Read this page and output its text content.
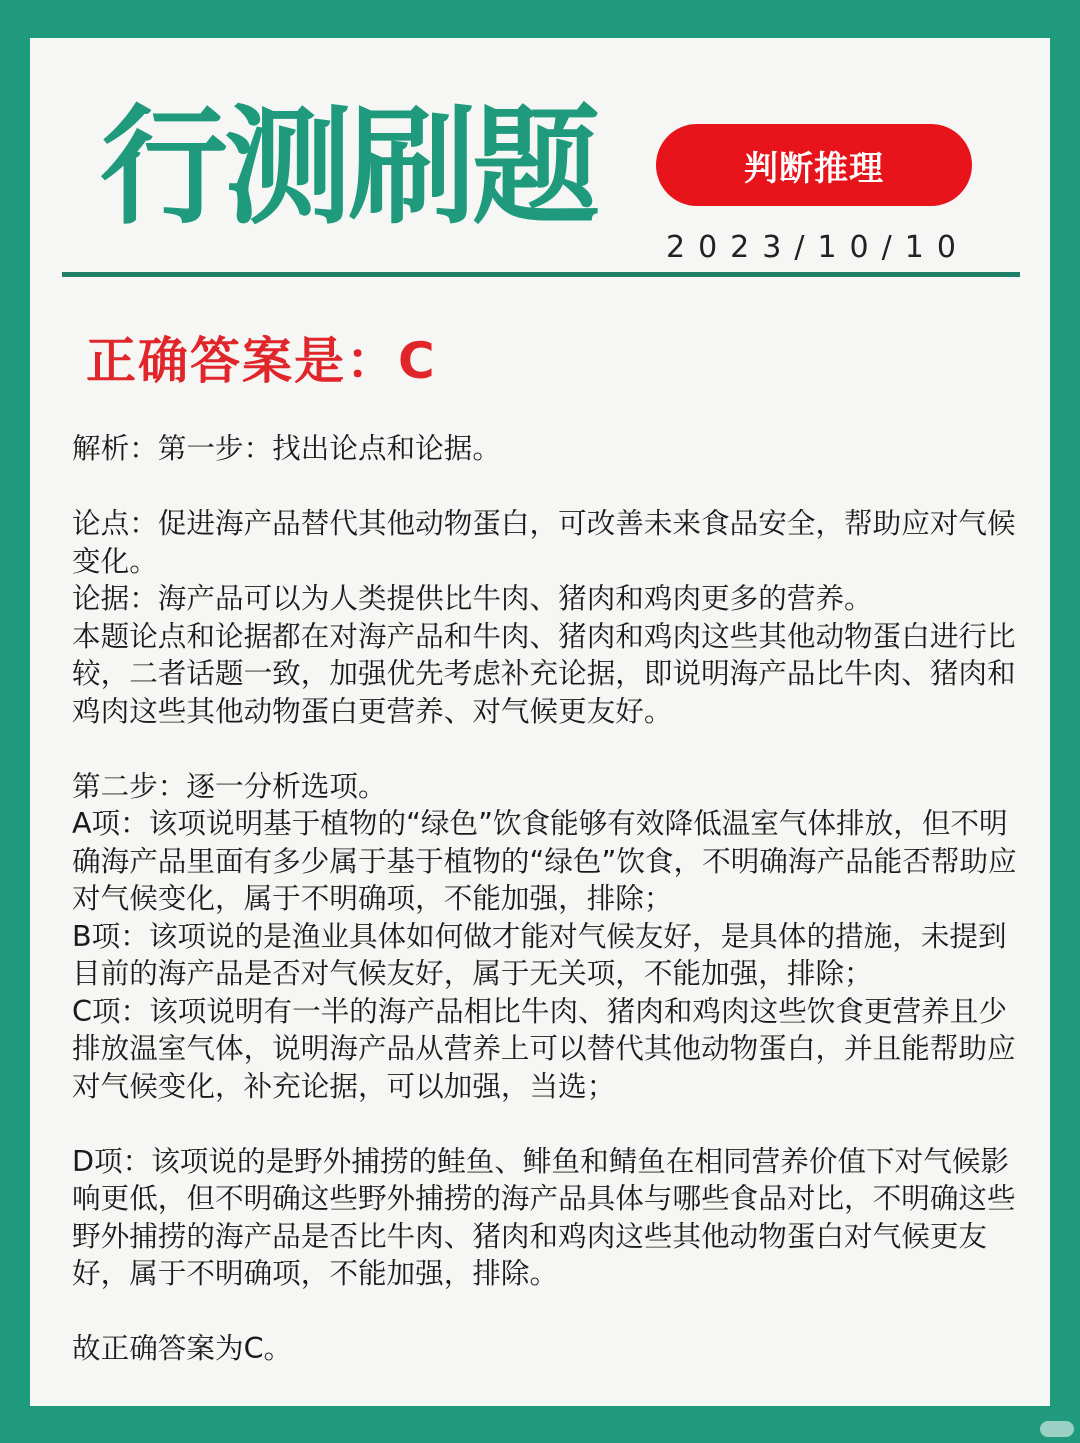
行测刷题	判断推理
2023/10/10
正确答案是：C

解析：第一步：找出论点和论据。

论点：促进海产品替代其他动物蛋白，可改善未来食品安全，帮助应对气候变化。

论据：海产品可以为人类提供比牛肉、猪肉和鸡肉更多的营养。

本题论点和论据都在对海产品和牛肉、猪肉和鸡肉这些其他动物蛋白进行比较，二者话题一致，加强优先考虑补充论据，即说明海产品比牛肉、猪肉和鸡肉这些其他动物蛋白更营养、对气候更友好。

第二步：逐一分析选项。

A项：该项说明基于植物的“绿色”饮食能够有效降低温室气体排放，但不明确海产品里面有多少属于基于植物的“绿色”饮食，不明确海产品能否帮助应对气候变化，属于不明确项，不能加强，排除；

B项：该项说的是渔业具体如何做才能对气候友好，是具体的措施，未提到目前的海产品是否对气候友好，属于无关项，不能加强，排除；

C项：该项说明有一半的海产品相比牛肉、猪肉和鸡肉这些饮食更营养且少排放温室气体，说明海产品从营养上可以替代其他动物蛋白，并且能帮助应对气候变化，补充论据，可以加强，当选；

D项：该项说的是野外捕捞的鲑鱼、鲱鱼和鲭鱼在相同营养价值下对气候影响更低，但不明确这些野外捕捞的海产品具体与哪些食品对比，不明确这些野外捕捞的海产品是否比牛肉、猪肉和鸡肉这些其他动物蛋白对气候更友好，属于不明确项，不能加强，排除。

故正确答案为C。
